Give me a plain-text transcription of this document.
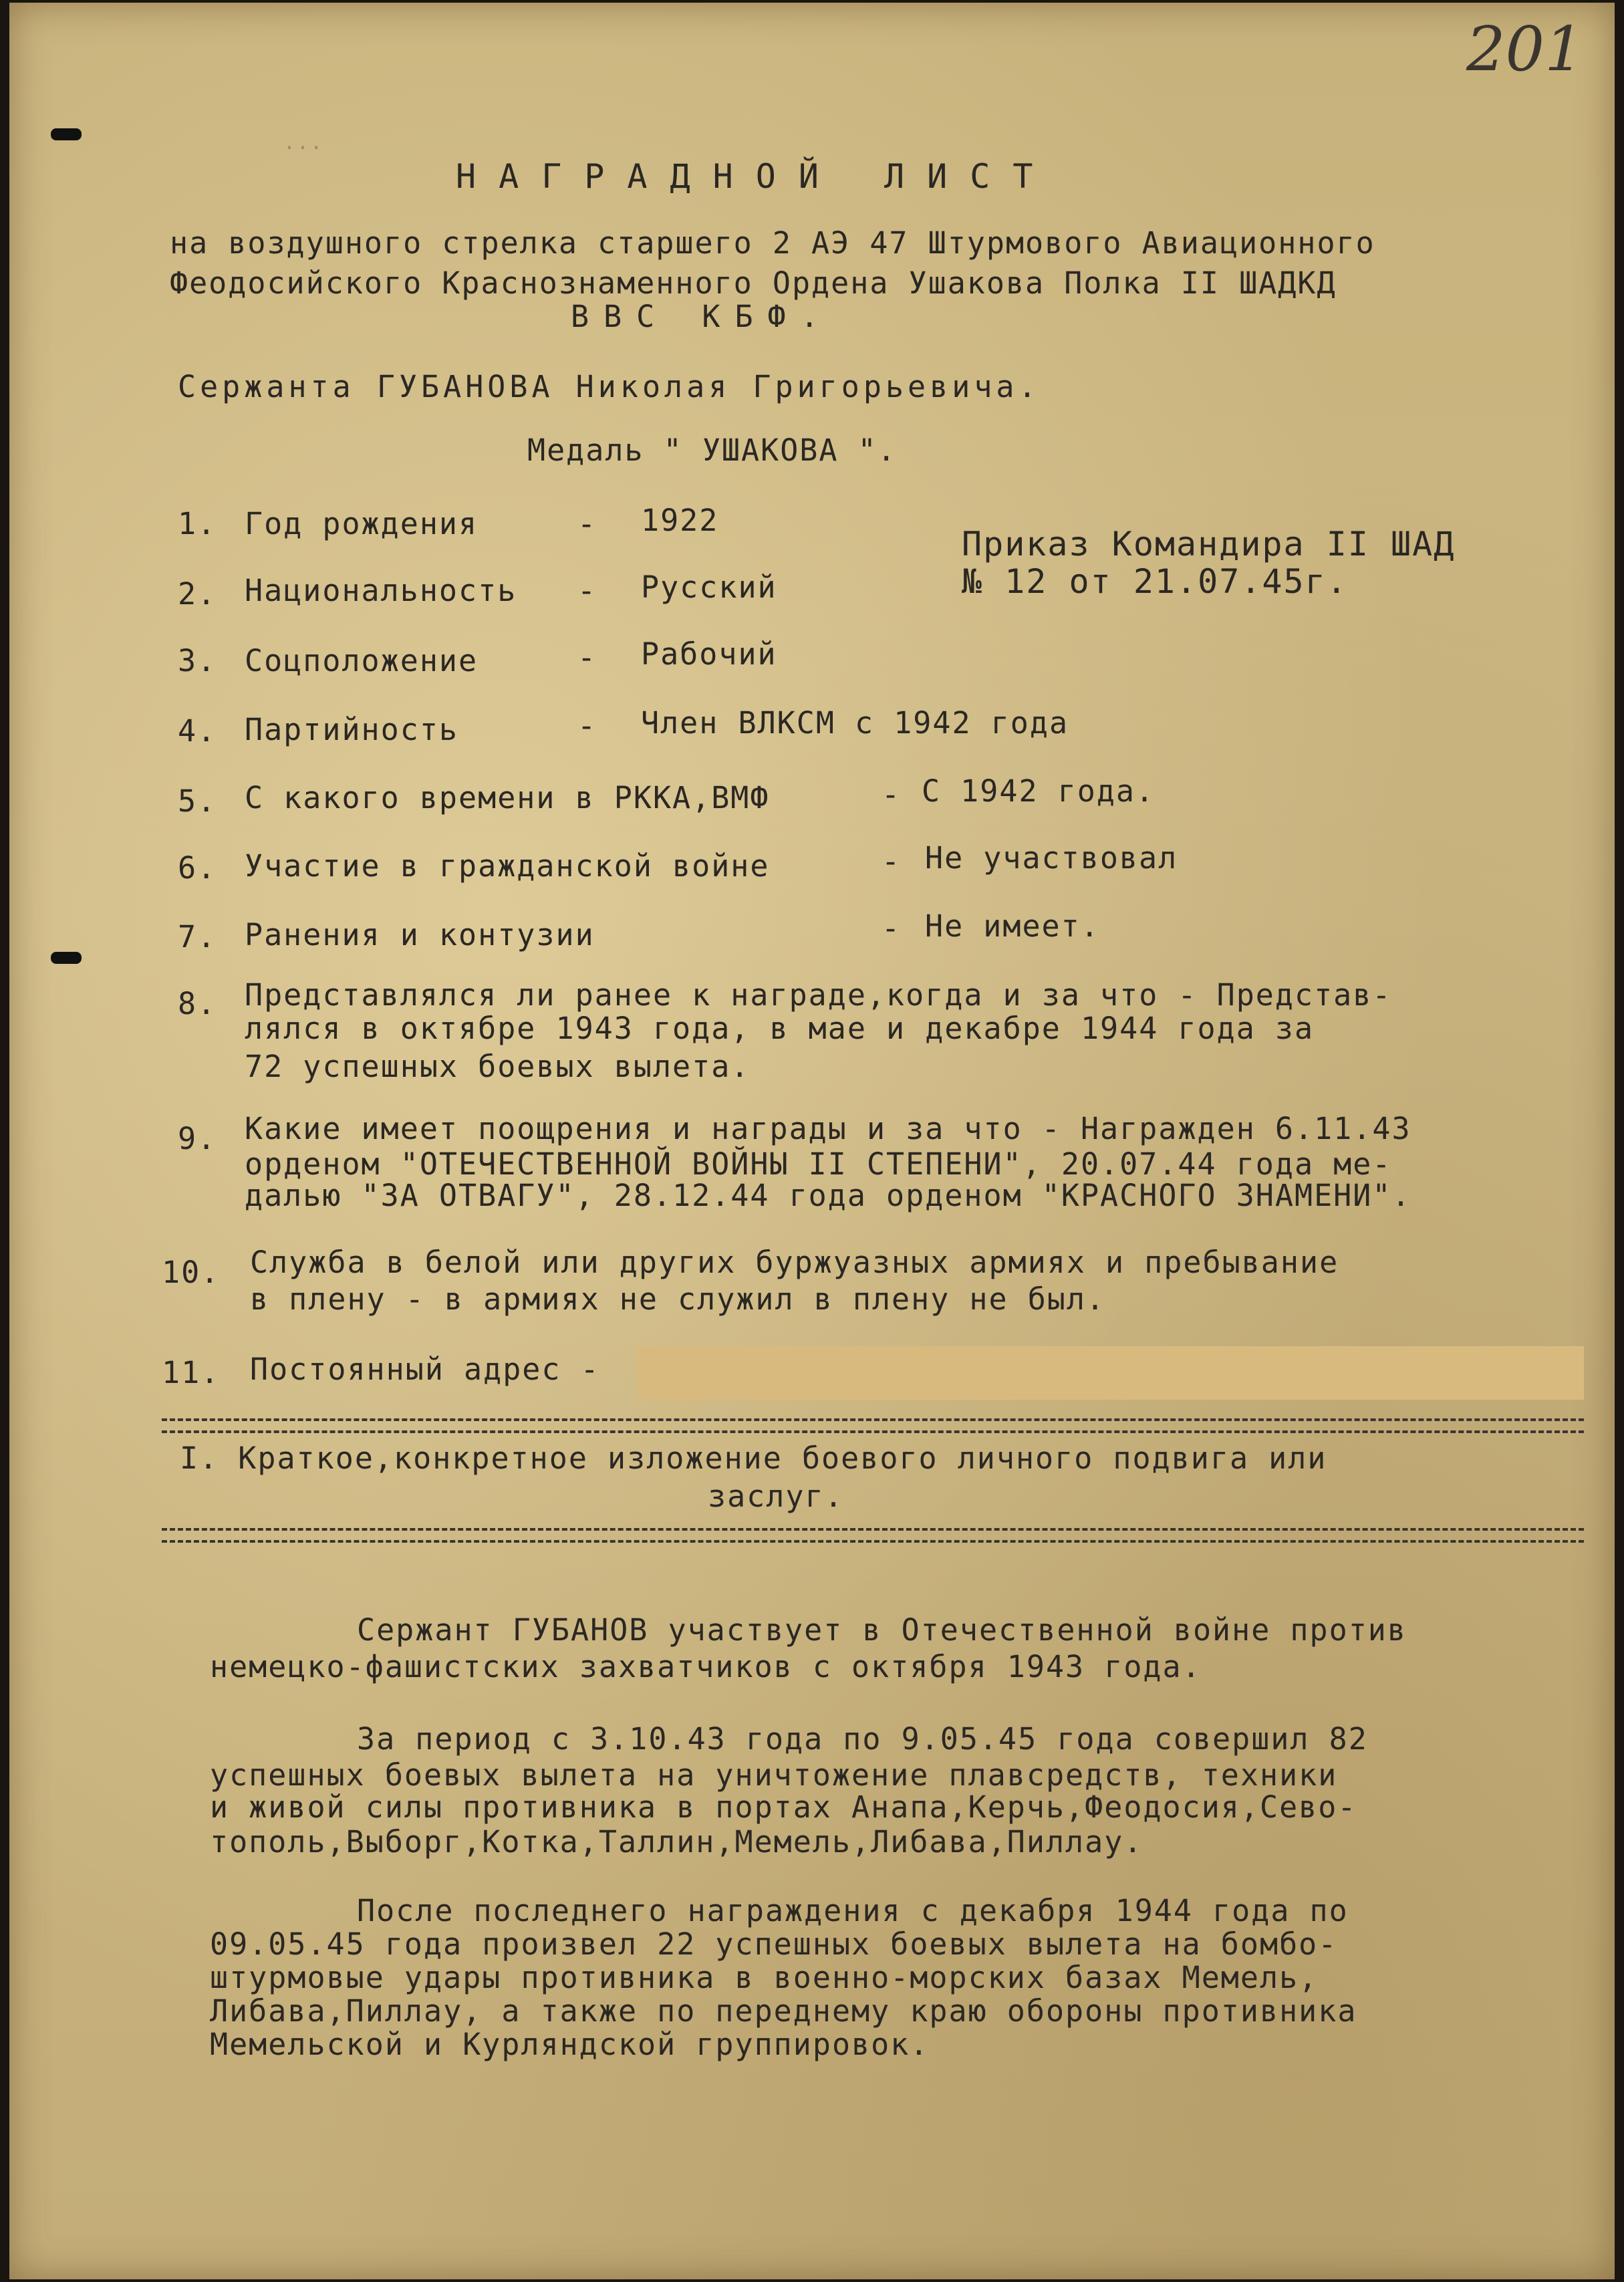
201
...
НАГРАДНОЙ ЛИСТ
на воздушного стрелка старшего 2 АЭ 47 Штурмового Авиационного
Феодосийского Краснознаменного Ордена Ушакова Полка II ШАДКД
ВВС КБФ.
Сержанта ГУБАНОВА Николая Григорьевича.
Медаль " УШАКОВА ".
Приказ Командира II ШАД
№ 12 от 21.07.45г.
1. Год рождения	- 1922
2. Национальность - Русский
3. Соцположение	- Рабочий
4. Партийность	- Член ВЛКСМ с 1942 года
5. С какого времени в РККА,ВМФ	- С 1942 года.
6. Участие в гражданской войне	- Не участвовал
7. Ранения и контузии	- Не имеет.
8. Представлялся ли ранее к награде,когда и за что - Представ-
лялся в октябре 1943 года, в мае и декабре 1944 года за
72 успешных боевых вылета.
9. Какие имеет поощрения и награды и за что - Награжден 6.11.43
орденом "ОТЕЧЕСТВЕННОЙ ВОЙНЫ II СТЕПЕНИ", 20.07.44 года ме-
далью "ЗА ОТВАГУ", 28.12.44 года орденом "КРАСНОГО ЗНАМЕНИ".
10. Служба в белой или других буржуазных армиях и пребывание
в плену - в армиях не служил в плену не был.
11. Постоянный адрес -
I. Краткое,конкретное изложение боевого личного подвига или
заслуг.
Сержант ГУБАНОВ участвует в Отечественной войне против
немецко-фашистских захватчиков с октября 1943 года.
За период с 3.10.43 года по 9.05.45 года совершил 82
успешных боевых вылета на уничтожение плавсредств, техники
и живой силы противника в портах Анапа,Керчь,Феодосия,Сево-
тополь,Выборг,Котка,Таллин,Мемель,Либава,Пиллау.
После последнего награждения с декабря 1944 года по
09.05.45 года произвел 22 успешных боевых вылета на бомбо-
штурмовые удары противника в военно-морских базах Мемель,
Либава,Пиллау, а также по переднему краю обороны противника
Мемельской и Курляндской группировок.
